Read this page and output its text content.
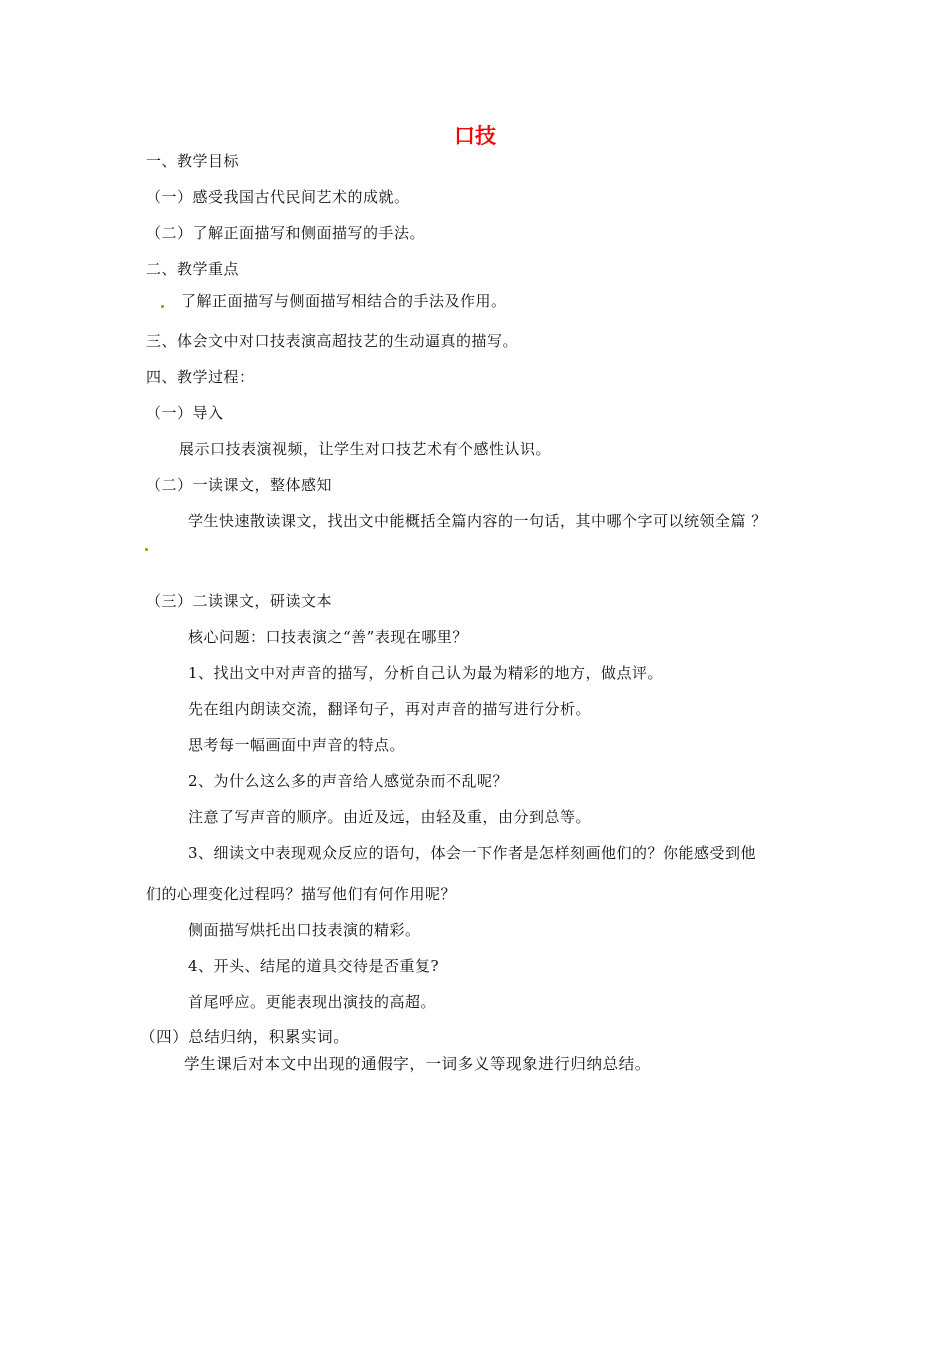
口技
一、教学目标
（一）感受我国古代民间艺术的成就。
（二）了解正面描写和侧面描写的手法。
二、教学重点
了解正面描写与侧面描写相结合的手法及作用。
三、体会文中对口技表演高超技艺的生动逼真的描写。
四、教学过程：
（一）导入
展示口技表演视频，让学生对口技艺术有个感性认识。
（二）一读课文，整体感知
学生快速散读课文，找出文中能概括全篇内容的一句话，其中哪个字可以统领全篇 ？
（三）二读课文，研读文本
核心问题：口技表演之“善”表现在哪里？
1、找出文中对声音的描写，分析自己认为最为精彩的地方，做点评。
先在组内朗读交流，翻译句子，再对声音的描写进行分析。
思考每一幅画面中声音的特点。
2、为什么这么多的声音给人感觉杂而不乱呢？
注意了写声音的顺序。由近及远，由轻及重，由分到总等。
3、细读文中表现观众反应的语句，体会一下作者是怎样刻画他们的？你能感受到他
们的心理变化过程吗？描写他们有何作用呢？
侧面描写烘托出口技表演的精彩。
4、开头、结尾的道具交待是否重复?
首尾呼应。更能表现出演技的高超。
（四）总结归纳，积累实词。
学生课后对本文中出现的通假字，一词多义等现象进行归纳总结。
